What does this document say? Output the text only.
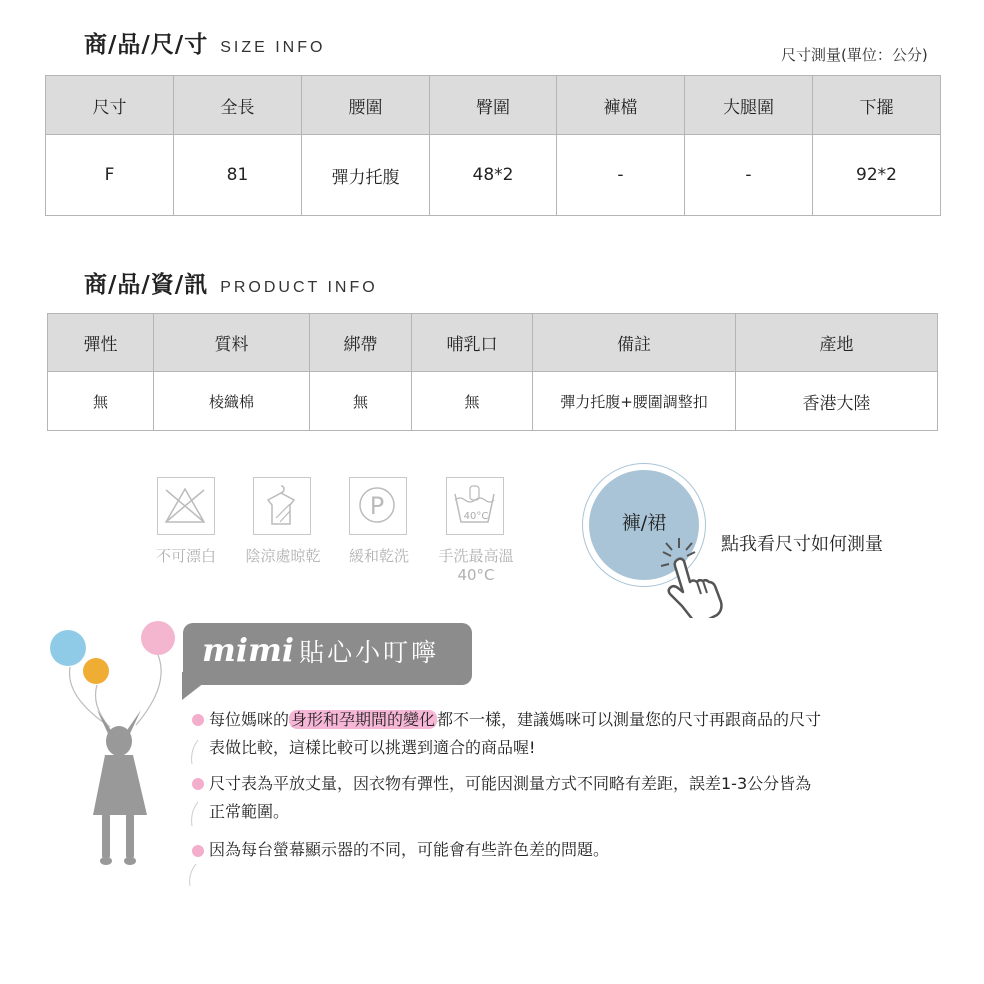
商/品/尺/寸 SIZE INFO	尺寸測量(單位：公分)
尺寸	全長	腰圍	臀圍	褲檔	大腿圍	下擺
F	81	彈力托腹	48*2	-	-	92*2
商/品/資/訊 PRODUCT INFO
彈性	質料	綁帶	哺乳口	備註	產地
無	棱織棉	無	無	彈力托腹+腰圍調整扣	香港大陸
P	40°C
不可漂白	陰涼處晾乾	緩和乾洗	手洗最高溫
40°C
褲/裙
點我看尺寸如何測量
mimi 貼心小叮嚀
每位媽咪的 身形和孕期間的變化 都不一樣，建議媽咪可以測量您的尺寸再跟商品的尺寸
表做比較，這樣比較可以挑選到適合的商品喔!
尺寸表為平放丈量，因衣物有彈性，可能因測量方式不同略有差距，誤差1-3公分皆為
正常範圍。
因為每台螢幕顯示器的不同，可能會有些許色差的問題。
